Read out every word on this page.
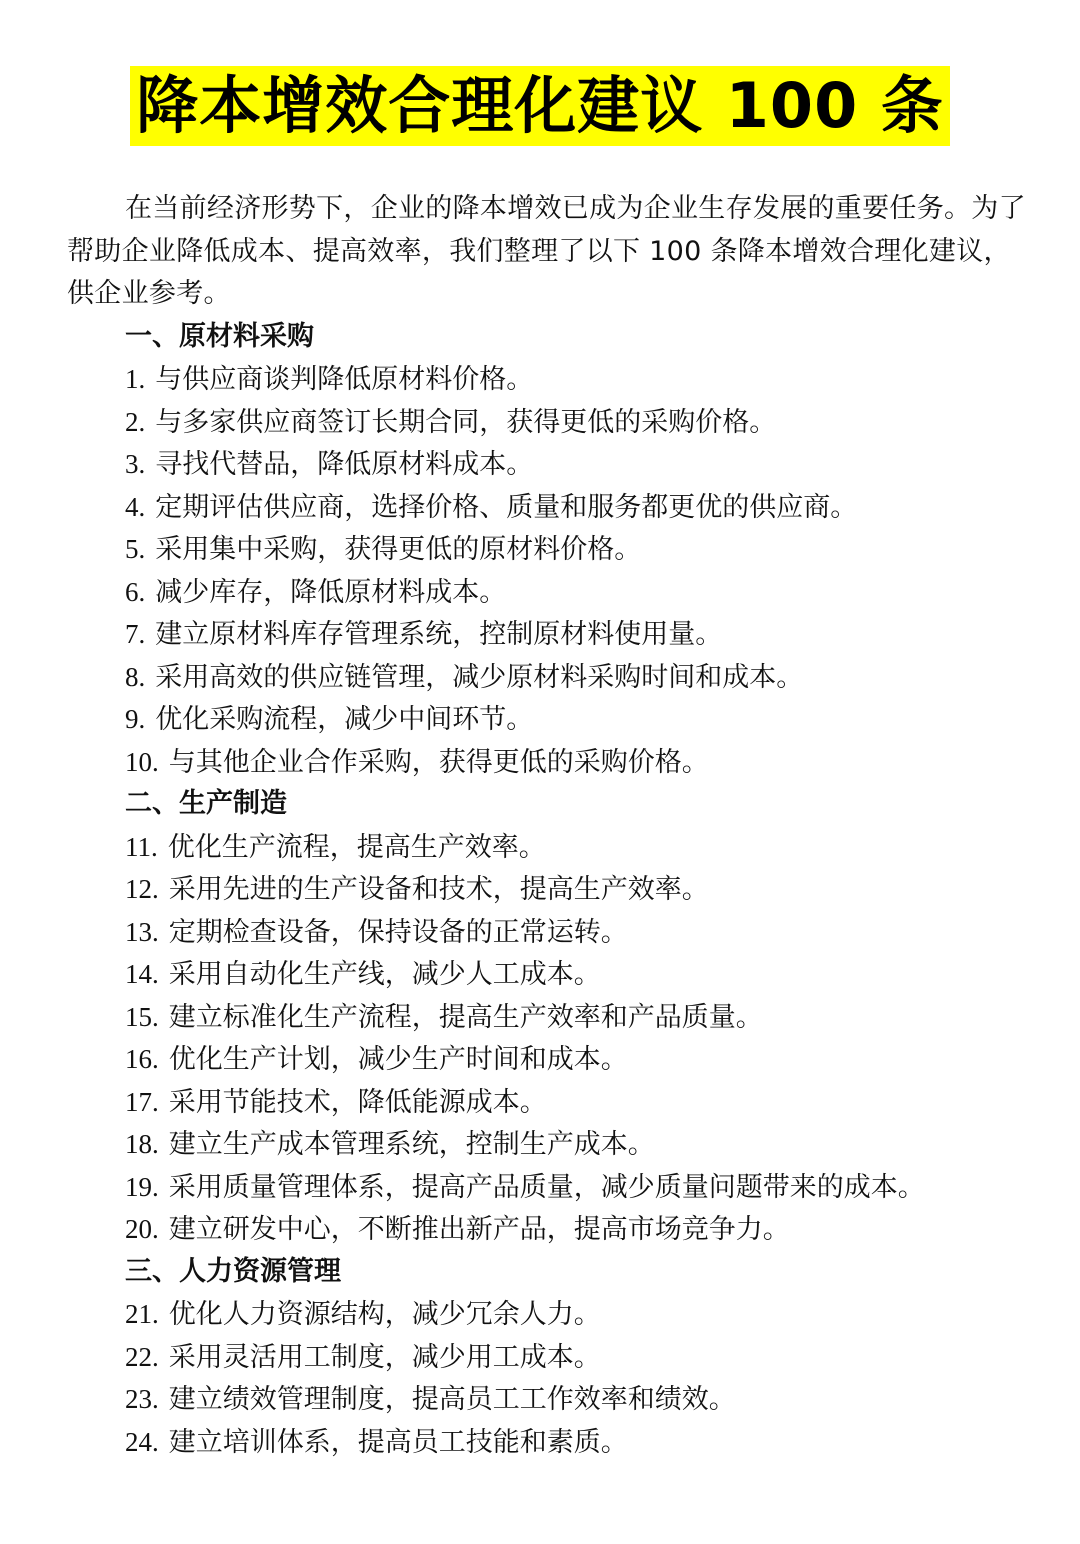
降本增效合理化建议 100 条

在当前经济形势下，企业的降本增效已成为企业生存发展的重要任务。为了帮助企业降低成本、提高效率，我们整理了以下 100 条降本增效合理化建议，供企业参考。

一、原材料采购
1. 与供应商谈判降低原材料价格。
2. 与多家供应商签订长期合同，获得更低的采购价格。
3. 寻找代替品，降低原材料成本。
4. 定期评估供应商，选择价格、质量和服务都更优的供应商。
5. 采用集中采购，获得更低的原材料价格。
6. 减少库存，降低原材料成本。
7. 建立原材料库存管理系统，控制原材料使用量。
8. 采用高效的供应链管理，减少原材料采购时间和成本。
9. 优化采购流程，减少中间环节。
10. 与其他企业合作采购，获得更低的采购价格。
二、生产制造
11. 优化生产流程，提高生产效率。
12. 采用先进的生产设备和技术，提高生产效率。
13. 定期检查设备，保持设备的正常运转。
14. 采用自动化生产线，减少人工成本。
15. 建立标准化生产流程，提高生产效率和产品质量。
16. 优化生产计划，减少生产时间和成本。
17. 采用节能技术，降低能源成本。
18. 建立生产成本管理系统，控制生产成本。
19. 采用质量管理体系，提高产品质量，减少质量问题带来的成本。
20. 建立研发中心，不断推出新产品，提高市场竞争力。
三、人力资源管理
21. 优化人力资源结构，减少冗余人力。
22. 采用灵活用工制度，减少用工成本。
23. 建立绩效管理制度，提高员工工作效率和绩效。
24. 建立培训体系，提高员工技能和素质。
